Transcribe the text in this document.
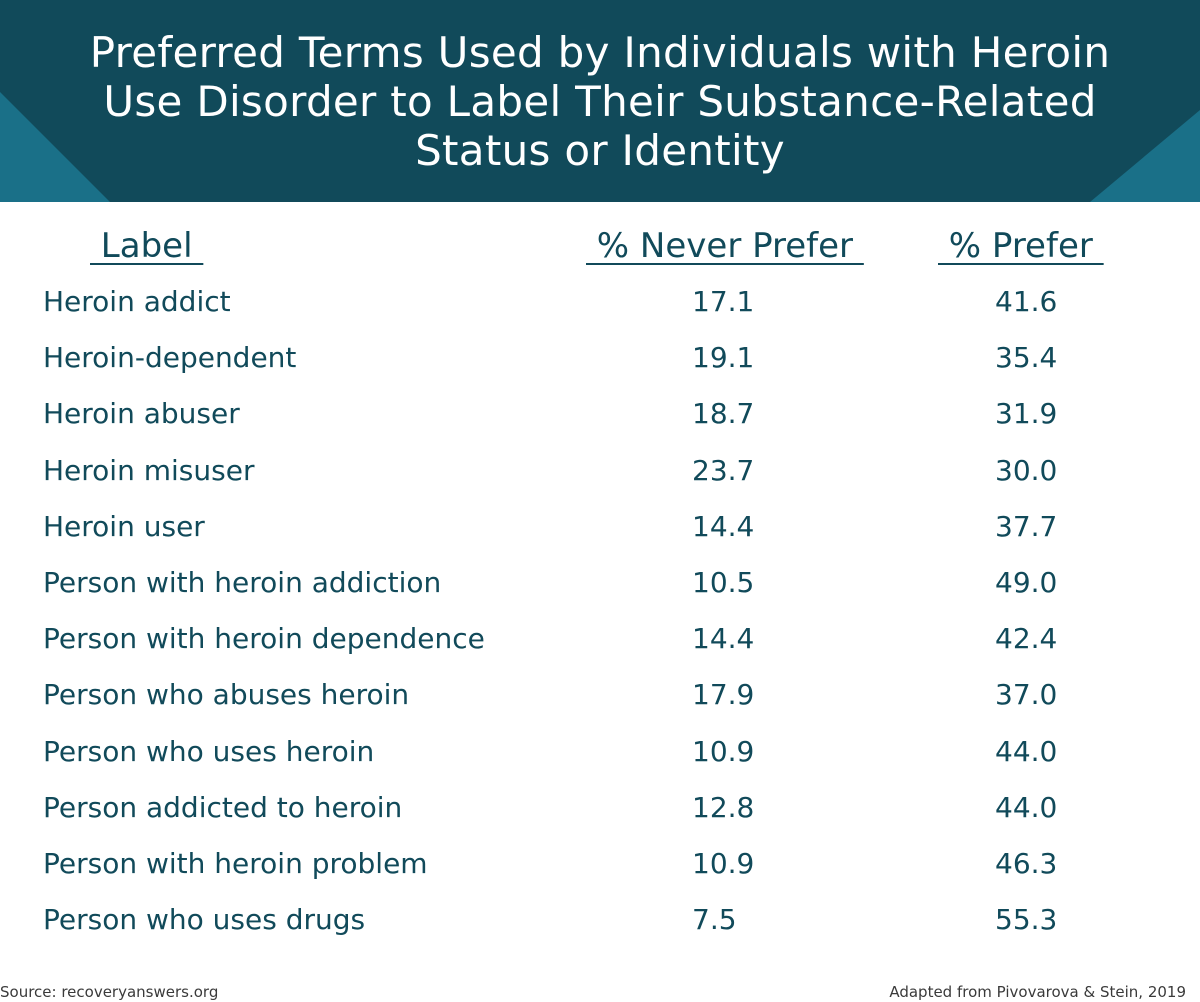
Preferred Terms Used by Individuals with Heroin
Use Disorder to Label Their Substance-Related
Status or Identity
Label	% Never Prefer % Prefer
Heroin addict	17.1	41.6
Heroin-dependent	19.1	35.4
Heroin abuser	18.7	31.9
Heroin misuser	23.7	30.0
Heroin user	14.4	37.7
Person with heroin addiction	10.5	49.0
Person with heroin dependence	14.4	42.4
Person who abuses heroin	17.9	37.0
Person who uses heroin	10.9	44.0
Person addicted to heroin	12.8	44.0
Person with heroin problem	10.9	46.3
Person who uses drugs	7.5	55.3
Source: recoveryanswers.org	Adapted from Pivovarova & Stein, 2019
